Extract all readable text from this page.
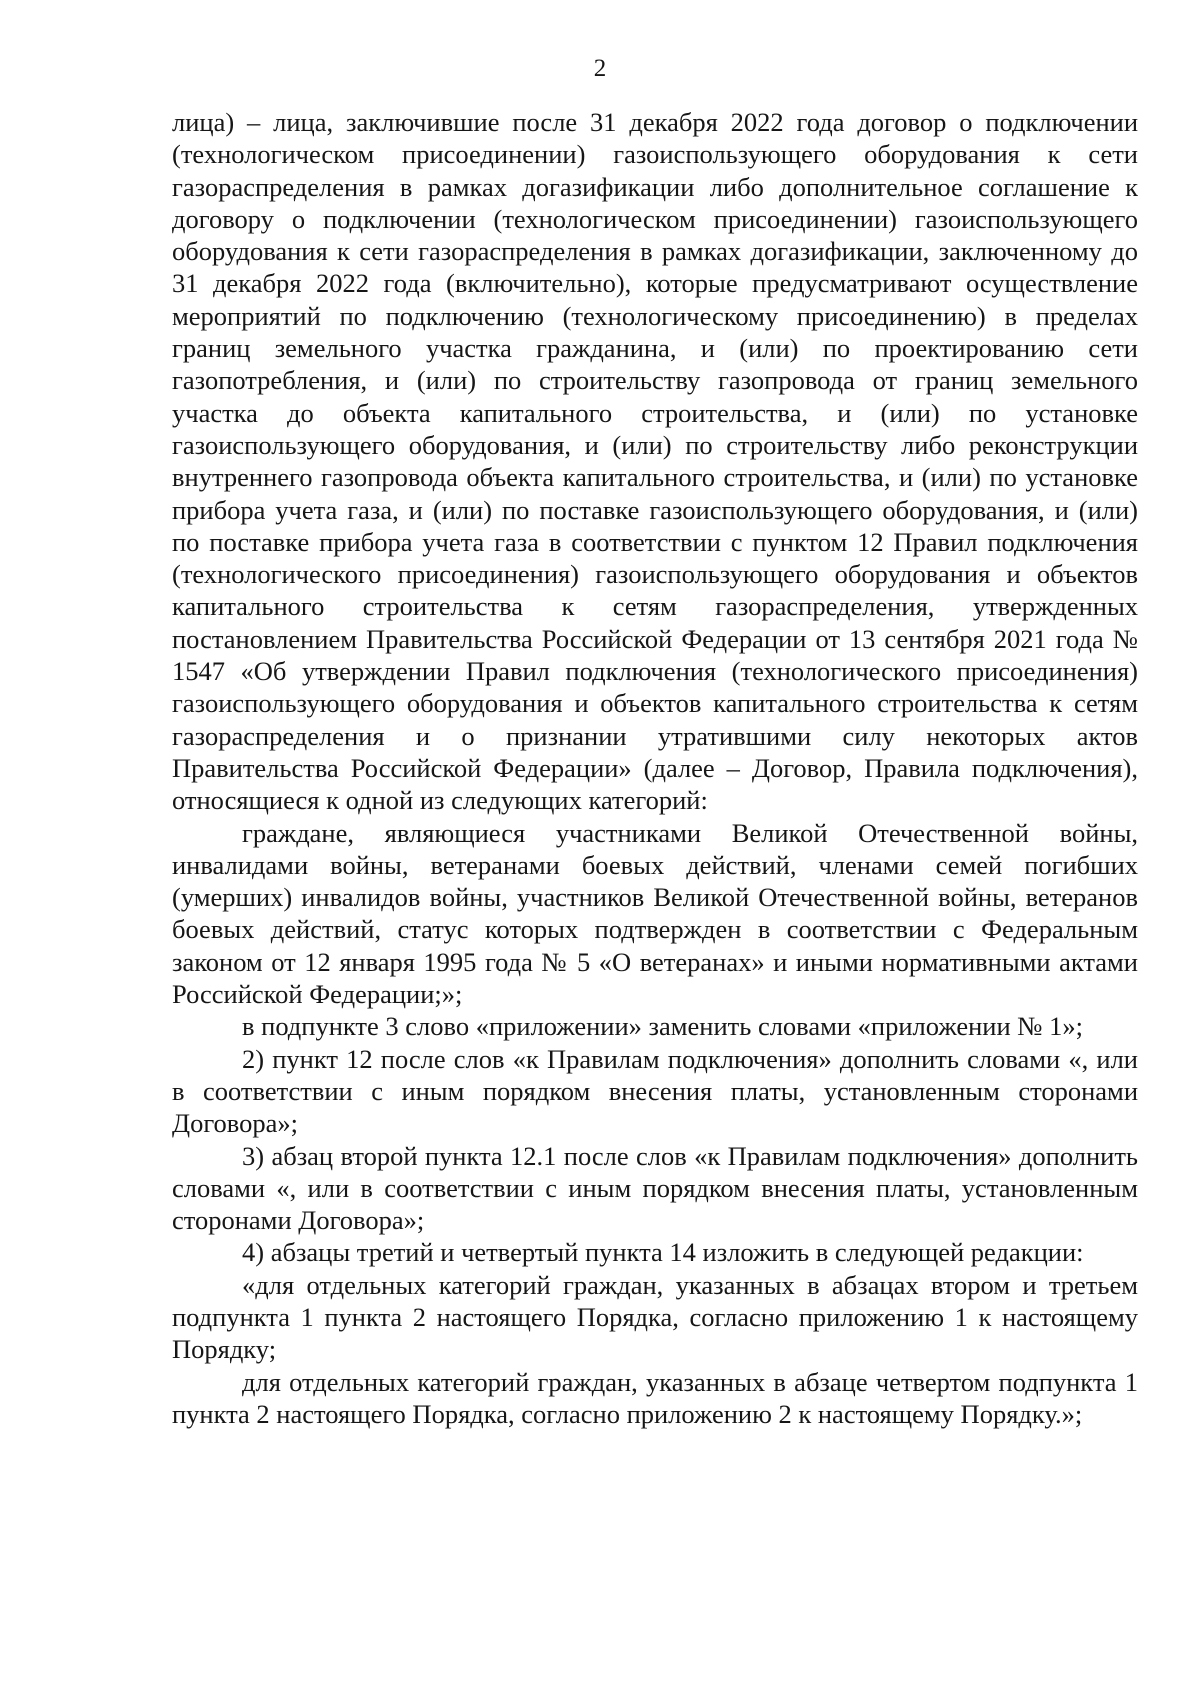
2

лица) – лица, заключившие после 31 декабря 2022 года договор о подключении (технологическом присоединении) газоиспользующего оборудования к сети газораспределения в рамках догазификации либо дополнительное соглашение к договору о подключении (технологическом присоединении) газоиспользующего оборудования к сети газораспределения в рамках догазификации, заключенному до 31 декабря 2022 года (включительно), которые предусматривают осуществление мероприятий по подключению (технологическому присоединению) в пределах границ земельного участка гражданина, и (или) по проектированию сети газопотребления, и (или) по строительству газопровода от границ земельного участка до объекта капитального строительства, и (или) по установке газоиспользующего оборудования, и (или) по строительству либо реконструкции внутреннего газопровода объекта капитального строительства, и (или) по установке прибора учета газа, и (или) по поставке газоиспользующего оборудования, и (или) по поставке прибора учета газа в соответствии с пунктом 12 Правил подключения (технологического присоединения) газоиспользующего оборудования и объектов капитального строительства к сетям газораспределения, утвержденных постановлением Правительства Российской Федерации от 13 сентября 2021 года № 1547 «Об утверждении Правил подключения (технологического присоединения) газоиспользующего оборудования и объектов капитального строительства к сетям газораспределения и о признании утратившими силу некоторых актов Правительства Российской Федерации» (далее – Договор, Правила подключения), относящиеся к одной из следующих категорий:

граждане, являющиеся участниками Великой Отечественной войны, инвалидами войны, ветеранами боевых действий, членами семей погибших (умерших) инвалидов войны, участников Великой Отечественной войны, ветеранов боевых действий, статус которых подтвержден в соответствии с Федеральным законом от 12 января 1995 года № 5 «О ветеранах» и иными нормативными актами Российской Федерации;»;

в подпункте 3 слово «приложении» заменить словами «приложении № 1»;

2) пункт 12 после слов «к Правилам подключения» дополнить словами «, или в соответствии с иным порядком внесения платы, установленным сторонами Договора»;

3) абзац второй пункта 12.1 после слов «к Правилам подключения» дополнить словами «, или в соответствии с иным порядком внесения платы, установленным сторонами Договора»;

4) абзацы третий и четвертый пункта 14 изложить в следующей редакции:

«для отдельных категорий граждан, указанных в абзацах втором и третьем подпункта 1 пункта 2 настоящего Порядка, согласно приложению 1 к настоящему Порядку;

для отдельных категорий граждан, указанных в абзаце четвертом подпункта 1 пункта 2 настоящего Порядка, согласно приложению 2 к настоящему Порядку.»;
